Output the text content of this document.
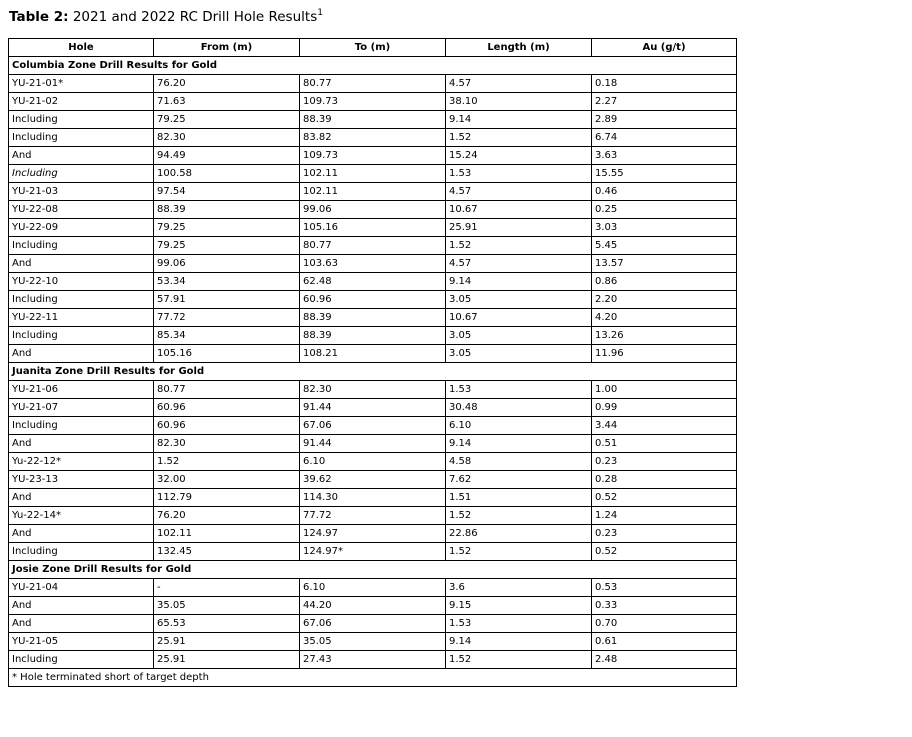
Table 2: 2021 and 2022 RC Drill Hole Results$^1$
Hole	From (m)	To (m)	Length (m)	Au (g/t)
Columbia Zone Drill Results for Gold				
YU-21-01*	76.20	80.77	4.57	0.18
YU-21-02	71.63	109.73	38.10	2.27
Including	79.25	88.39	9.14	2.89
Including	82.30	83.82	1.52	6.74
And	94.49	109.73	15.24	3.63
Including	100.58	102.11	1.53	15.55
YU-21-03	97.54	102.11	4.57	0.46
YU-22-08	88.39	99.06	10.67	0.25
YU-22-09	79.25	105.16	25.91	3.03
Including	79.25	80.77	1.52	5.45
And	99.06	103.63	4.57	13.57
YU-22-10	53.34	62.48	9.14	0.86
Including	57.91	60.96	3.05	2.20
YU-22-11	77.72	88.39	10.67	4.20
Including	85.34	88.39	3.05	13.26
And	105.16	108.21	3.05	11.96
Juanita Zone Drill Results for Gold				
YU-21-06	80.77	82.30	1.53	1.00
YU-21-07	60.96	91.44	30.48	0.99
Including	60.96	67.06	6.10	3.44
And	82.30	91.44	9.14	0.51
Yu-22-12*	1.52	6.10	4.58	0.23
YU-23-13	32.00	39.62	7.62	0.28
And	112.79	114.30	1.51	0.52
Yu-22-14*	76.20	77.72	1.52	1.24
And	102.11	124.97	22.86	0.23
Including	132.45	124.97*	1.52	0.52
Josie Zone Drill Results for Gold				
YU-21-04	-	6.10	3.6	0.53
And	35.05	44.20	9.15	0.33
And	65.53	67.06	1.53	0.70
YU-21-05	25.91	35.05	9.14	0.61
Including	25.91	27.43	1.52	2.48
* Hole terminated short of target depth				
